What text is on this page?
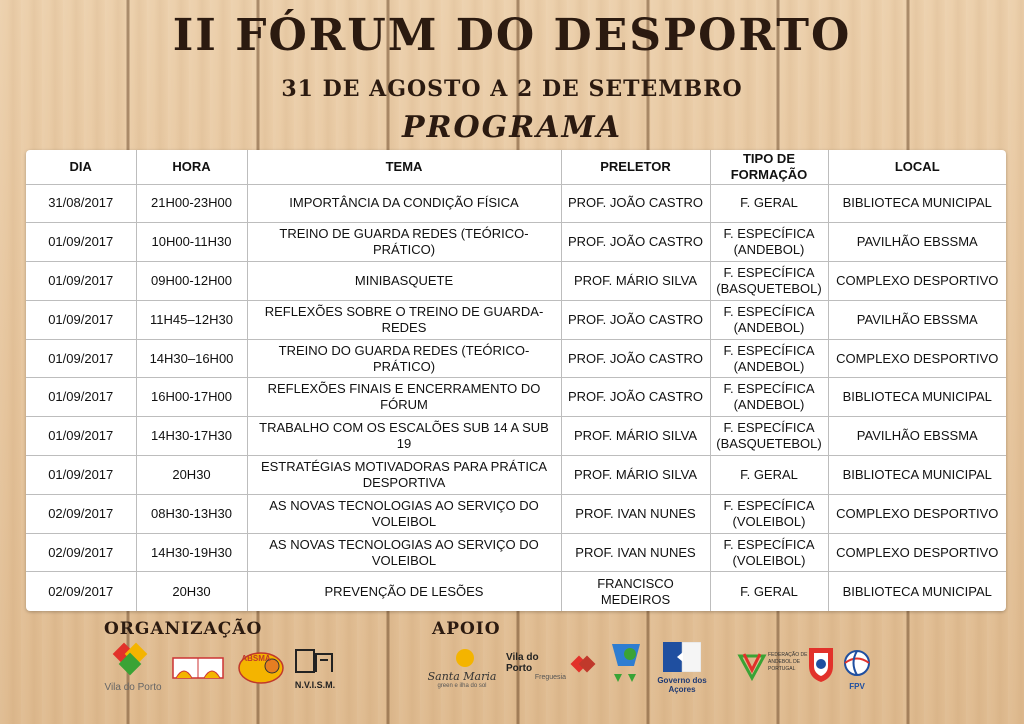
II FÓRUM DO DESPORTO
31 DE AGOSTO A 2 DE SETEMBRO
PROGRAMA
DIA	HORA	TEMA	PRELETOR	TIPO DE FORMAÇÃO	LOCAL
31/08/2017	21H00-23H00	IMPORTÂNCIA DA CONDIÇÃO FÍSICA	PROF. JOÃO CASTRO	F. GERAL	BIBLIOTECA MUNICIPAL
01/09/2017	10H00-11H30	TREINO DE GUARDA REDES (TEÓRICO-PRÁTICO)	PROF. JOÃO CASTRO	F. ESPECÍFICA (ANDEBOL)	PAVILHÃO EBSSMA
01/09/2017	09H00-12H00	MINIBASQUETE	PROF. MÁRIO SILVA	F. ESPECÍFICA (BASQUETEBOL)	COMPLEXO DESPORTIVO
01/09/2017	11H45–12H30	REFLEXÕES SOBRE O TREINO DE GUARDA-REDES	PROF. JOÃO CASTRO	F. ESPECÍFICA (ANDEBOL)	PAVILHÃO EBSSMA
01/09/2017	14H30–16H00	TREINO DO GUARDA REDES (TEÓRICO-PRÁTICO)	PROF. JOÃO CASTRO	F. ESPECÍFICA (ANDEBOL)	COMPLEXO DESPORTIVO
01/09/2017	16H00-17H00	REFLEXÕES FINAIS E ENCERRAMENTO DO FÓRUM	PROF. JOÃO CASTRO	F. ESPECÍFICA (ANDEBOL)	BIBLIOTECA MUNICIPAL
01/09/2017	14H30-17H30	TRABALHO COM OS ESCALÕES SUB 14 A SUB 19	PROF. MÁRIO SILVA	F. ESPECÍFICA (BASQUETEBOL)	PAVILHÃO EBSSMA
01/09/2017	20H30	ESTRATÉGIAS MOTIVADORAS PARA PRÁTICA DESPORTIVA	PROF. MÁRIO SILVA	F. GERAL	BIBLIOTECA MUNICIPAL
02/09/2017	08H30-13H30	AS NOVAS TECNOLOGIAS AO SERVIÇO DO VOLEIBOL	PROF. IVAN NUNES	F. ESPECÍFICA (VOLEIBOL)	COMPLEXO DESPORTIVO
02/09/2017	14H30-19H30	AS NOVAS TECNOLOGIAS AO SERVIÇO DO VOLEIBOL	PROF. IVAN NUNES	F. ESPECÍFICA (VOLEIBOL)	COMPLEXO DESPORTIVO
02/09/2017	20H30	PREVENÇÃO DE LESÕES	FRANCISCO MEDEIROS	F. GERAL	BIBLIOTECA MUNICIPAL
ORGANIZAÇÃO	APOIO
Vila do Porto
ABSMA
N.V.I.S.M.
Santa Maria
green e ilha do sol
Vila do Porto
Freguesia	Governo dos Açores
FEDERAÇÃO DE ANDEBOL DE PORTUGAL
FPV
